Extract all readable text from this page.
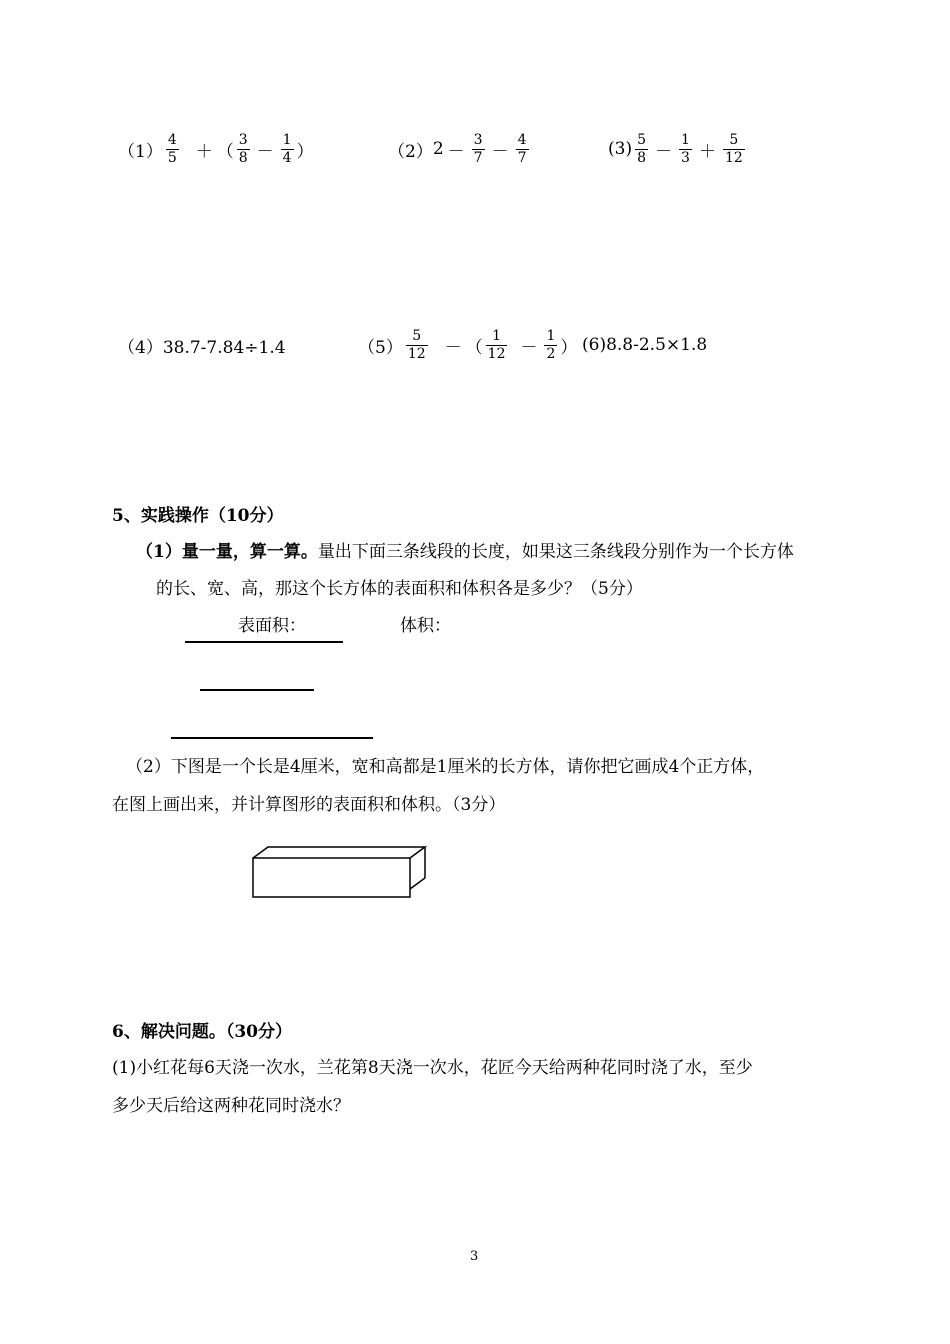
$(1) \frac{4}{5}$ ＋ （ $\frac{3}{8} - \frac{1}{4}$ ）	（2） $2 - \frac{3}{7} - \frac{4}{7}$	$(3) \frac{5}{8} - \frac{1}{3} + \frac{5}{12}$
（4）38.7-7.84÷1.4	$(5) \frac{5}{12}$ － （ $\frac{1}{12} - \frac{1}{2}$ ） (6)8.8-2.5×1.8
5、实践操作（10分）
（1）量一量，算一算。量出下面三条线段的长度，如果这三条线段分别作为一个长方体
的长、宽、高，那这个长方体的表面积和体积各是多少？（5分）
表面积：	体积：
（2）下图是一个长是4厘米，宽和高都是1厘米的长方体，请你把它画成4个正方体，
在图上画出来，并计算图形的表面积和体积。（3分）
6、解决问题。（30分）
(1)小红花每6天浇一次水，兰花第8天浇一次水，花匠今天给两种花同时浇了水，至少
多少天后给这两种花同时浇水？
3
